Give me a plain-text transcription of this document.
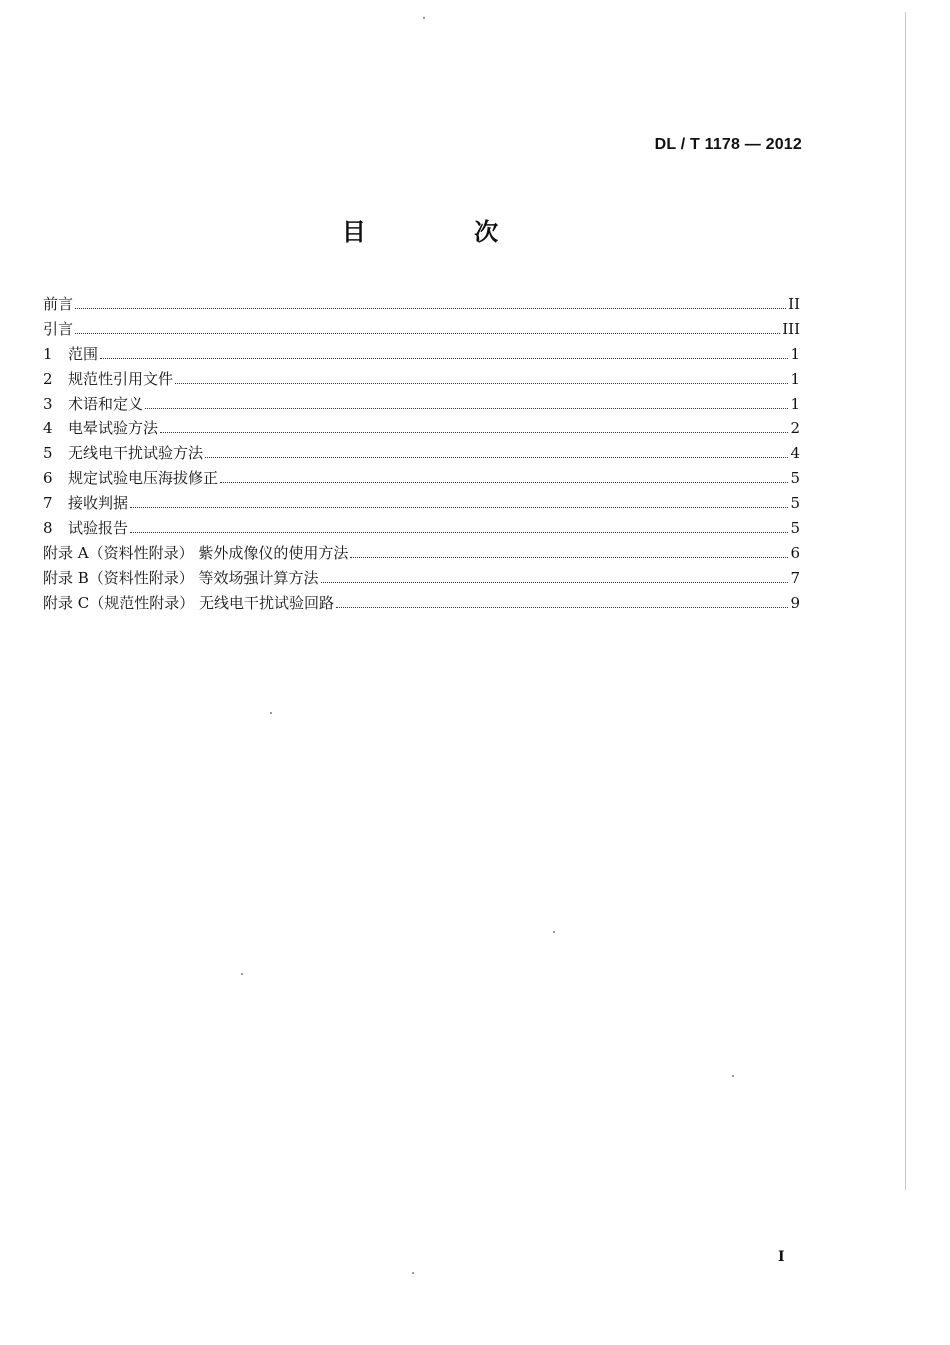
DL / T 1178 — 2012
目 次
前言	II
引言	III
1	范围	1
2	规范性引用文件	1
3	术语和定义	1
4	电晕试验方法	2
5	无线电干扰试验方法	4
6	规定试验电压海拔修正	5
7	接收判据	5
8	试验报告	5
附录 A（资料性附录） 紫外成像仪的使用方法	6
附录 B（资料性附录） 等效场强计算方法	7
附录 C（规范性附录） 无线电干扰试验回路	9
I
